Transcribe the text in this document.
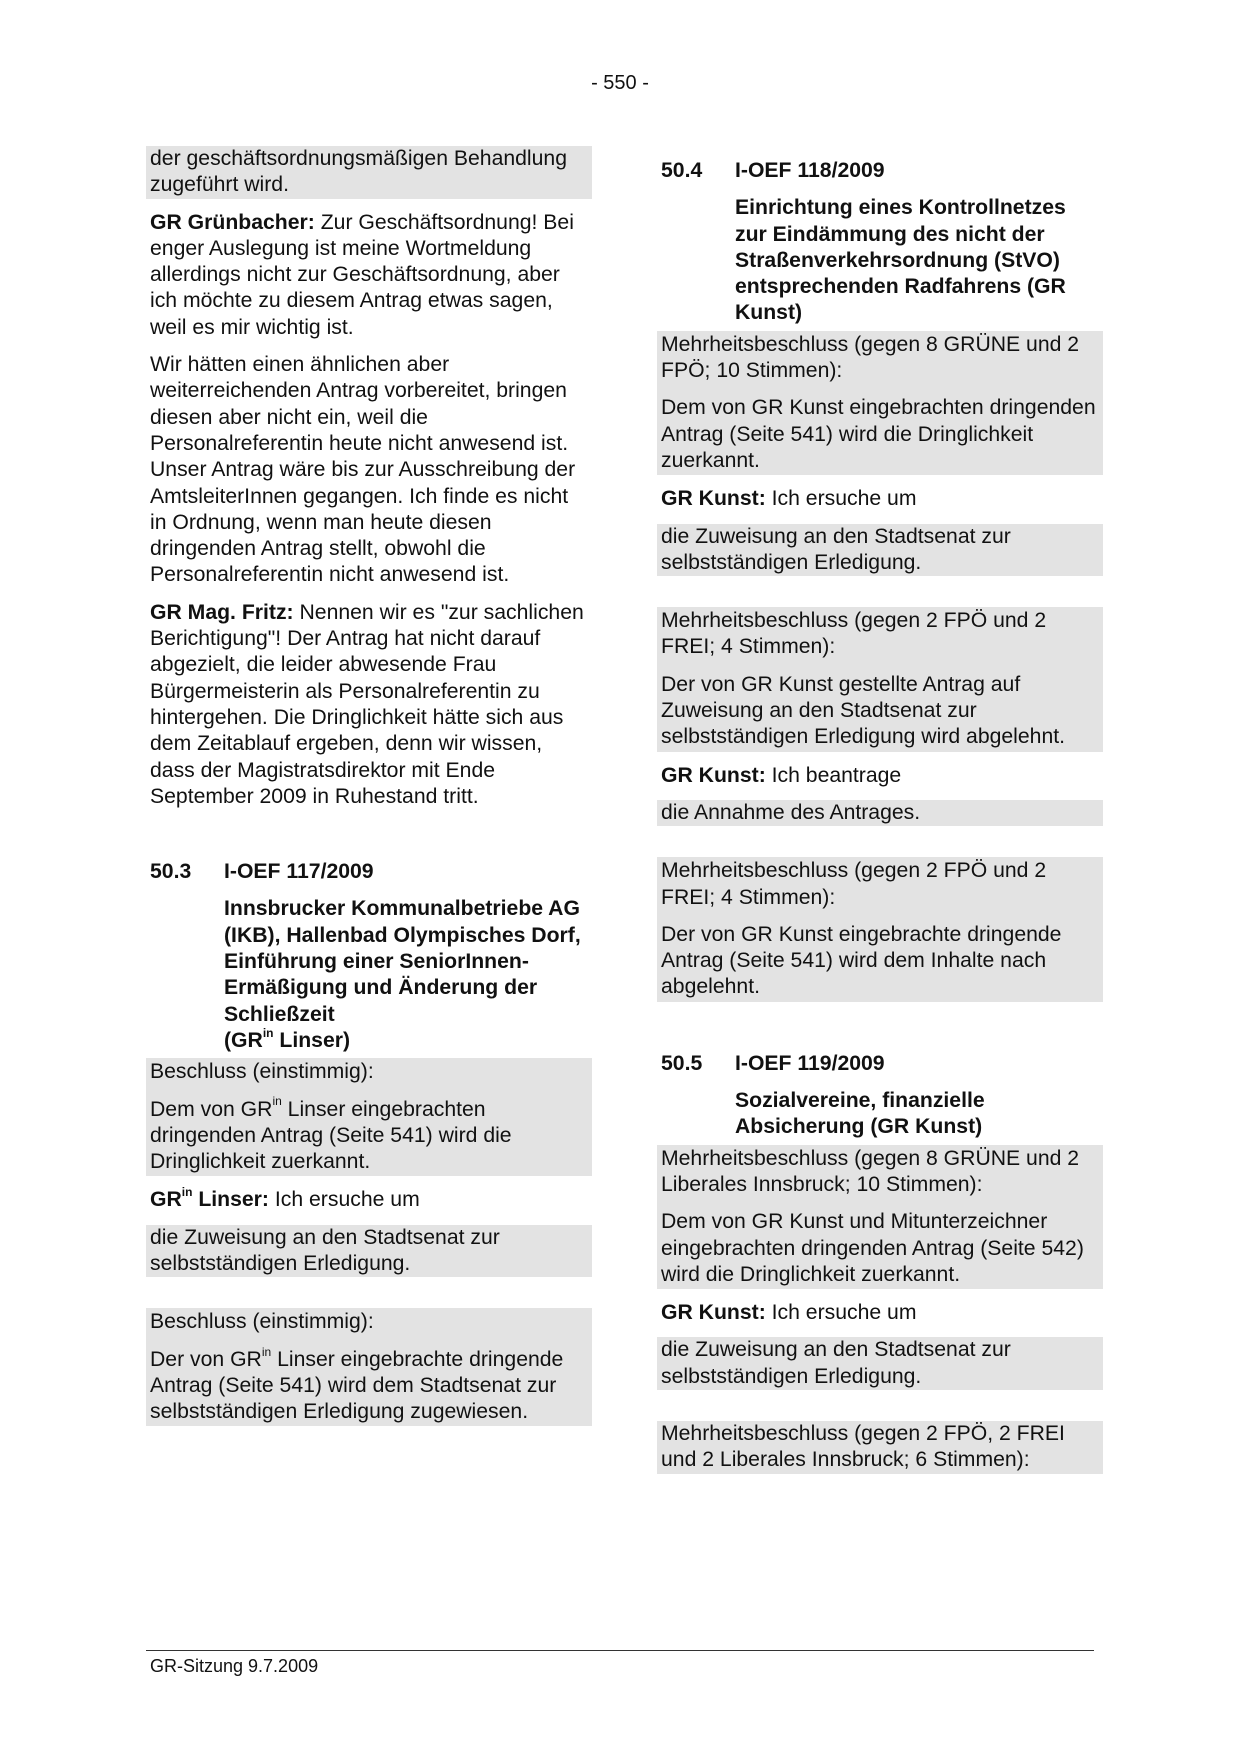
- 550 -

der geschäftsordnungsmäßigen Behandlung zugeführt wird.

GR Grünbacher: Zur Geschäftsordnung! Bei enger Auslegung ist meine Wortmeldung allerdings nicht zur Geschäftsordnung, aber ich möchte zu diesem Antrag etwas sagen, weil es mir wichtig ist.

Wir hätten einen ähnlichen aber weiterreichenden Antrag vorbereitet, bringen diesen aber nicht ein, weil die Personalreferentin heute nicht anwesend ist. Unser Antrag wäre bis zur Ausschreibung der AmtsleiterInnen gegangen. Ich finde es nicht in Ordnung, wenn man heute diesen dringenden Antrag stellt, obwohl die Personalreferentin nicht anwesend ist.

GR Mag. Fritz: Nennen wir es "zur sachlichen Berichtigung"! Der Antrag hat nicht darauf abgezielt, die leider abwesende Frau Bürgermeisterin als Personalreferentin zu hintergehen. Die Dringlichkeit hätte sich aus dem Zeitablauf ergeben, denn wir wissen, dass der Magistratsdirektor mit Ende September 2009 in Ruhestand tritt.

50.3	I-OEF 117/2009
Innsbrucker Kommunalbetriebe AG (IKB), Hallenbad Olympisches Dorf, Einführung einer SeniorInnen-Ermäßigung und Änderung der Schließzeit
($GR^{in}$ Linser)

Beschluss (einstimmig):

Dem von $GR^{in}$ Linser eingebrachten dringenden Antrag (Seite 541) wird die Dringlichkeit zuerkannt.

$GR^{in}$ Linser: Ich ersuche um

die Zuweisung an den Stadtsenat zur selbstständigen Erledigung.

Beschluss (einstimmig):

Der von $GR^{in}$ Linser eingebrachte dringende Antrag (Seite 541) wird dem Stadtsenat zur selbstständigen Erledigung zugewiesen.

50.4	I-OEF 118/2009
Einrichtung eines Kontrollnetzes zur Eindämmung des nicht der Straßenverkehrsordnung (StVO) entsprechenden Radfahrens (GR Kunst)

Mehrheitsbeschluss (gegen 8 GRÜNE und 2 FPÖ; 10 Stimmen):

Dem von GR Kunst eingebrachten dringenden Antrag (Seite 541) wird die Dringlichkeit zuerkannt.

GR Kunst: Ich ersuche um

die Zuweisung an den Stadtsenat zur selbstständigen Erledigung.

Mehrheitsbeschluss (gegen 2 FPÖ und 2 FREI; 4 Stimmen):

Der von GR Kunst gestellte Antrag auf Zuweisung an den Stadtsenat zur selbstständigen Erledigung wird abgelehnt.

GR Kunst: Ich beantrage

die Annahme des Antrages.

Mehrheitsbeschluss (gegen 2 FPÖ und 2 FREI; 4 Stimmen):

Der von GR Kunst eingebrachte dringende Antrag (Seite 541) wird dem Inhalte nach abgelehnt.

50.5	I-OEF 119/2009
Sozialvereine, finanzielle Absicherung (GR Kunst)

Mehrheitsbeschluss (gegen 8 GRÜNE und 2 Liberales Innsbruck; 10 Stimmen):

Dem von GR Kunst und Mitunterzeichner eingebrachten dringenden Antrag (Seite 542) wird die Dringlichkeit zuerkannt.

GR Kunst: Ich ersuche um

die Zuweisung an den Stadtsenat zur selbstständigen Erledigung.

Mehrheitsbeschluss (gegen 2 FPÖ, 2 FREI und 2 Liberales Innsbruck; 6 Stimmen):

GR-Sitzung 9.7.2009
